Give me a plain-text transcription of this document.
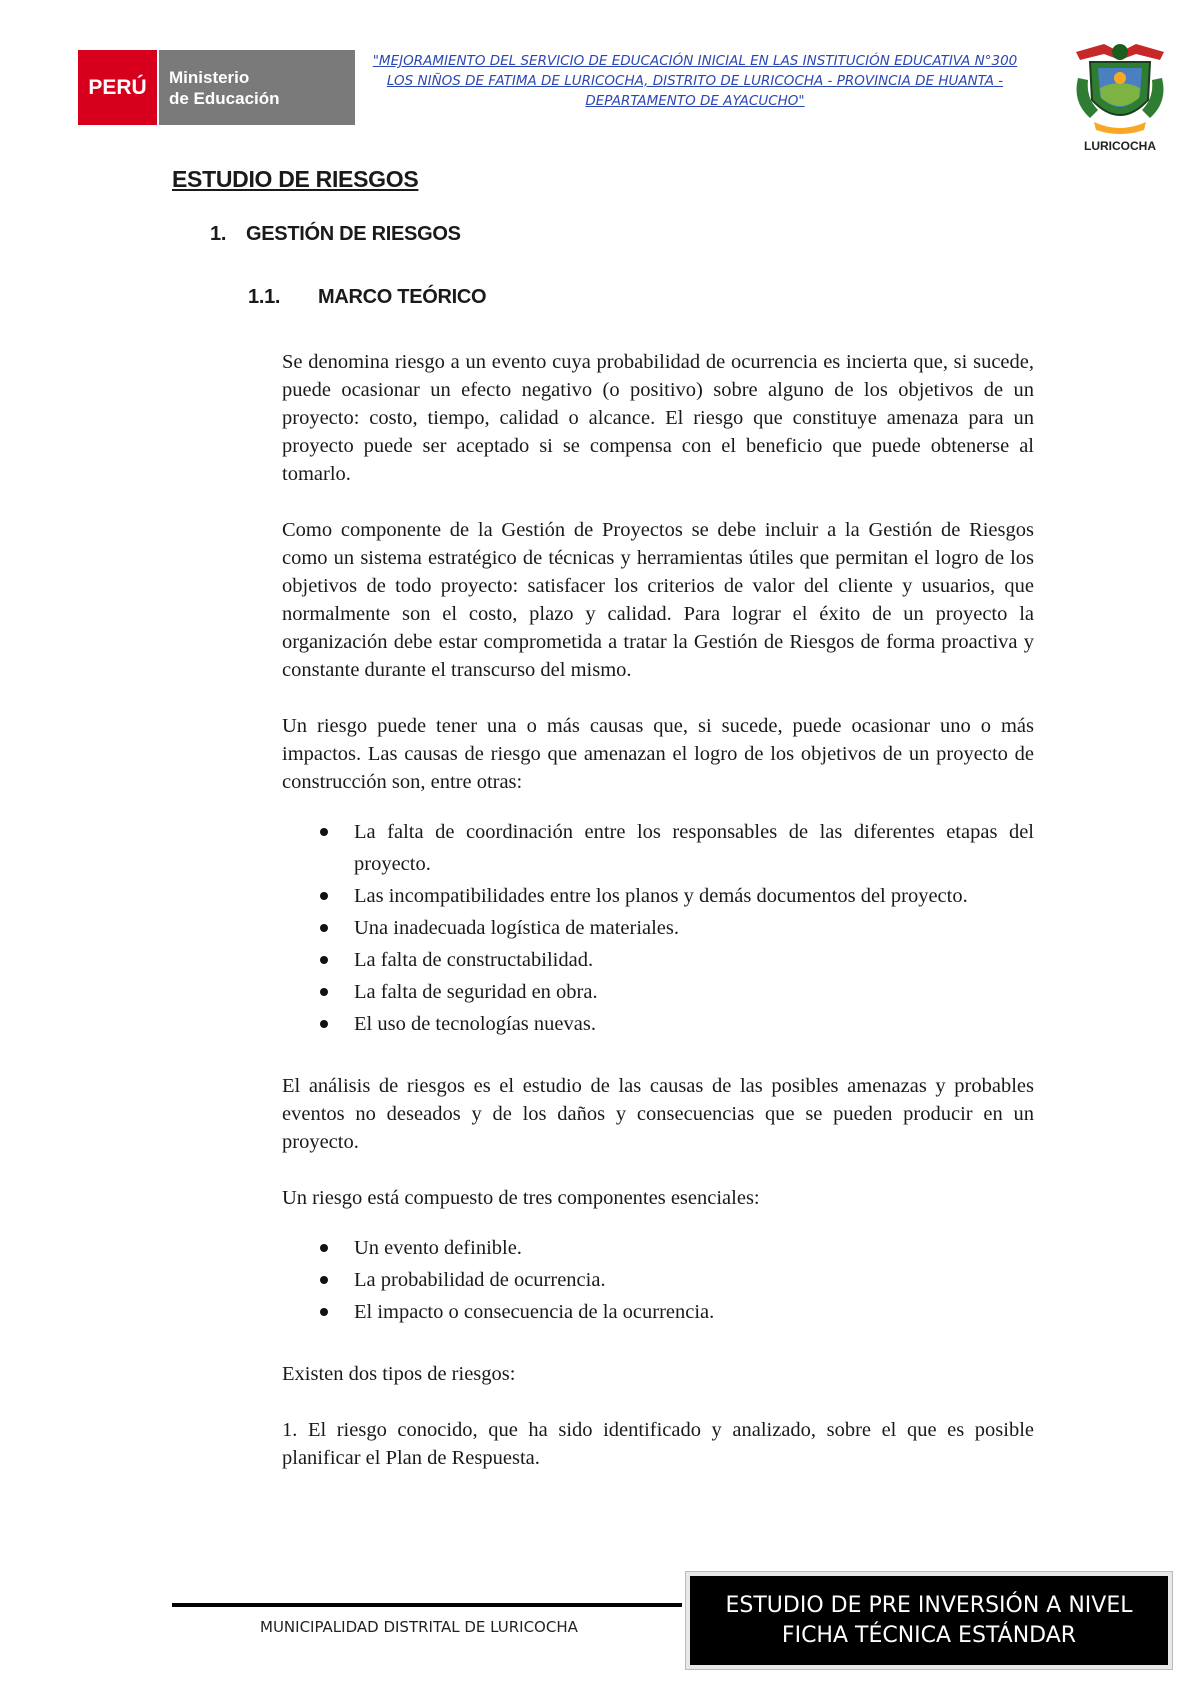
PERÚ	Ministerio
de Educación
"MEJORAMIENTO DEL SERVICIO DE EDUCACIÓN INICIAL EN LAS INSTITUCIÓN EDUCATIVA N°300 LOS NIÑOS DE FATIMA DE LURICOCHA, DISTRITO DE LURICOCHA - PROVINCIA DE HUANTA - DEPARTAMENTO DE AYACUCHO"
LURICOCHA
ESTUDIO DE RIESGOS
1. GESTIÓN DE RIESGOS
1.1. MARCO TEÓRICO

Se denomina riesgo a un evento cuya probabilidad de ocurrencia es incierta que, si sucede, puede ocasionar un efecto negativo (o positivo) sobre alguno de los objetivos de un proyecto: costo, tiempo, calidad o alcance. El riesgo que constituye amenaza para un proyecto puede ser aceptado si se compensa con el beneficio que puede obtenerse al tomarlo.

Como componente de la Gestión de Proyectos se debe incluir a la Gestión de Riesgos como un sistema estratégico de técnicas y herramientas útiles que permitan el logro de los objetivos de todo proyecto: satisfacer los criterios de valor del cliente y usuarios, que normalmente son el costo, plazo y calidad. Para lograr el éxito de un proyecto la organización debe estar comprometida a tratar la Gestión de Riesgos de forma proactiva y constante durante el transcurso del mismo.

Un riesgo puede tener una o más causas que, si sucede, puede ocasionar uno o más impactos. Las causas de riesgo que amenazan el logro de los objetivos de un proyecto de construcción son, entre otras:

La falta de coordinación entre los responsables de las diferentes etapas del proyecto.
Las incompatibilidades entre los planos y demás documentos del proyecto.
Una inadecuada logística de materiales.
La falta de constructabilidad.
La falta de seguridad en obra.
El uso de tecnologías nuevas.

El análisis de riesgos es el estudio de las causas de las posibles amenazas y probables eventos no deseados y de los daños y consecuencias que se pueden producir en un proyecto.

Un riesgo está compuesto de tres componentes esenciales:

Un evento definible.
La probabilidad de ocurrencia.
El impacto o consecuencia de la ocurrencia.

Existen dos tipos de riesgos:

1. El riesgo conocido, que ha sido identificado y analizado, sobre el que es posible planificar el Plan de Respuesta.

MUNICIPALIDAD DISTRITAL DE LURICOCHA
ESTUDIO DE PRE INVERSIÓN A NIVEL
FICHA TÉCNICA ESTÁNDAR
